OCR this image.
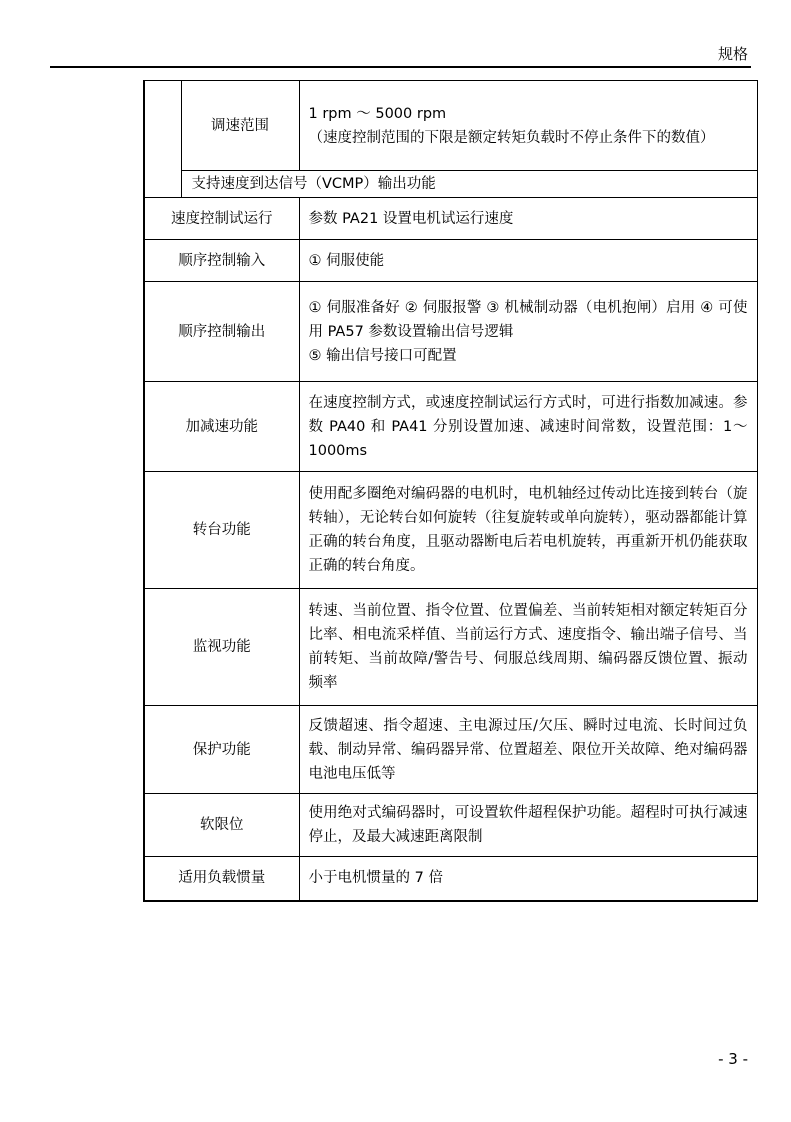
规格
	调速范围	1 rpm ～ 5000 rpm
（速度控制范围的下限是额定转矩负载时不停止条件下的数值）

	支持速度到达信号（VCMP）输出功能	
速度控制试运行		参数 PA21 设置电机试运行速度
顺序控制输入		① 伺服使能
顺序控制输出		① 伺服准备好 ② 伺服报警 ③ 机械制动器（电机抱闸）启用 ④ 可使用 PA57 参数设置输出信号逻辑
⑤ 输出信号接口可配置

加减速功能		在速度控制方式，或速度控制试运行方式时，可进行指数加减速。参数 PA40 和 PA41 分别设置加速、减速时间常数，设置范围：1～1000ms
转台功能		使用配多圈绝对编码器的电机时，电机轴经过传动比连接到转台（旋转轴），无论转台如何旋转（往复旋转或单向旋转），驱动器都能计算正确的转台角度，且驱动器断电后若电机旋转，再重新开机仍能获取正确的转台角度。
监视功能		转速、当前位置、指令位置、位置偏差、当前转矩相对额定转矩百分比率、相电流采样值、当前运行方式、速度指令、输出端子信号、当前转矩、当前故障/警告号、伺服总线周期、编码器反馈位置、振动频率
保护功能		反馈超速、指令超速、主电源过压/欠压、瞬时过电流、长时间过负载、制动异常、编码器异常、位置超差、限位开关故障、绝对编码器电池电压低等
软限位		使用绝对式编码器时，可设置软件超程保护功能。超程时可执行减速停止，及最大减速距离限制
适用负载惯量		小于电机惯量的 7 倍
- 3 -
